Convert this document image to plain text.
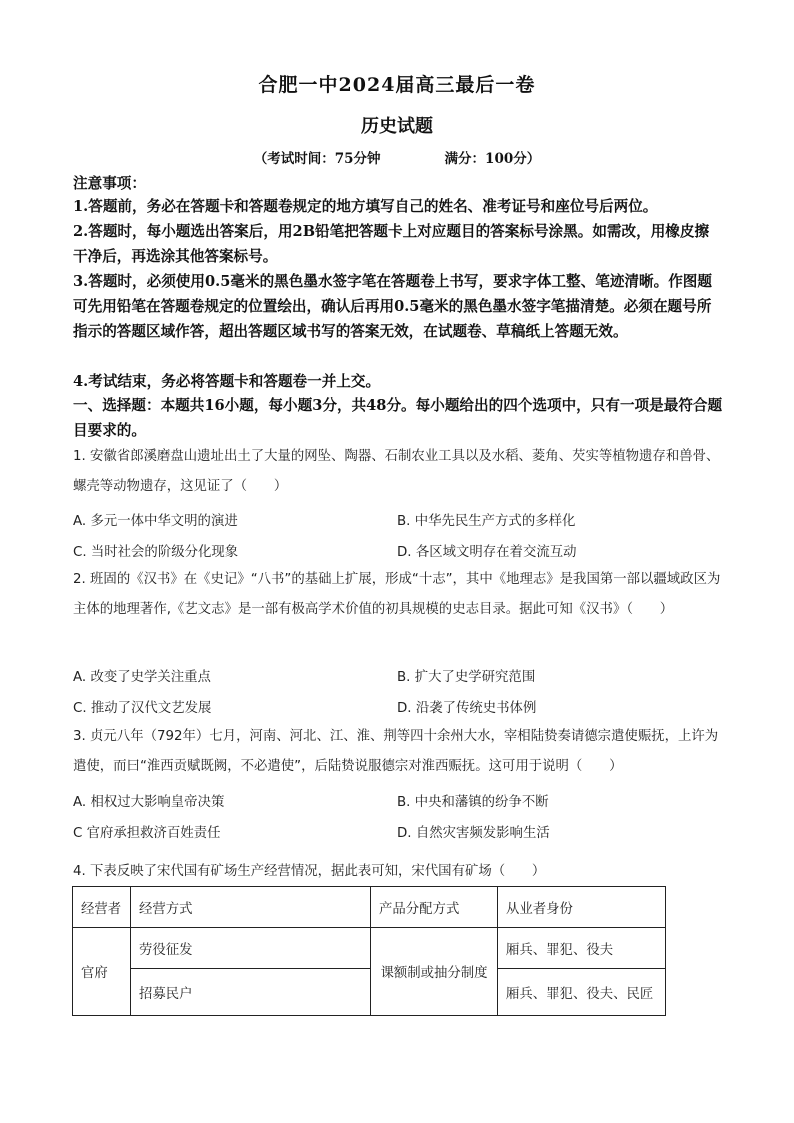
合肥一中2024届高三最后一卷
历史试题
（考试时间：75分钟	满分：100分）
注意事项：
1.答题前，务必在答题卡和答题卷规定的地方填写自己的姓名、准考证号和座位号后两位。
2.答题时，每小题选出答案后，用2B铅笔把答题卡上对应题目的答案标号涂黑。如需改，用橡皮擦干净后，再选涂其他答案标号。
3.答题时，必须使用0.5毫米的黑色墨水签字笔在答题卷上书写，要求字体工整、笔迹清晰。作图题可先用铅笔在答题卷规定的位置绘出，确认后再用0.5毫米的黑色墨水签字笔描清楚。必须在题号所指示的答题区域作答，超出答题区域书写的答案无效，在试题卷、草稿纸上答题无效。
4.考试结束，务必将答题卡和答题卷一并上交。
一、选择题：本题共16小题，每小题3分，共48分。每小题给出的四个选项中，只有一项是最符合题目要求的。
1. 安徽省郎溪磨盘山遗址出土了大量的网坠、陶器、石制农业工具以及水稻、菱角、芡实等植物遗存和兽骨、螺壳等动物遗存，这见证了（　　）
A. 多元一体中华文明的演进	B. 中华先民生产方式的多样化
C. 当时社会的阶级分化现象	D. 各区域文明存在着交流互动
2. 班固的《汉书》在《史记》“八书”的基础上扩展，形成“十志”，其中《地理志》是我国第一部以疆域政区为主体的地理著作,《艺文志》是一部有极高学术价值的初具规模的史志目录。据此可知《汉书》（　　）
A. 改变了史学关注重点	B. 扩大了史学研究范围
C. 推动了汉代文艺发展	D. 沿袭了传统史书体例
3. 贞元八年（792年）七月，河南、河北、江、淮、荆等四十余州大水，宰相陆贽奏请德宗遣使赈抚，上许为遣使，而曰“淮西贡赋既阙，不必遣使”，后陆贽说服德宗对淮西赈抚。这可用于说明（　　）
A. 相权过大影响皇帝决策	B. 中央和藩镇的纷争不断
C 官府承担救济百姓责任	D. 自然灾害频发影响生活
4. 下表反映了宋代国有矿场生产经营情况，据此表可知，宋代国有矿场（　　）
经营者	经营方式	产品分配方式	从业者身份
官府	劳役征发	课额制或抽分制度	厢兵、罪犯、役夫
	招募民户		厢兵、罪犯、役夫、民匠
